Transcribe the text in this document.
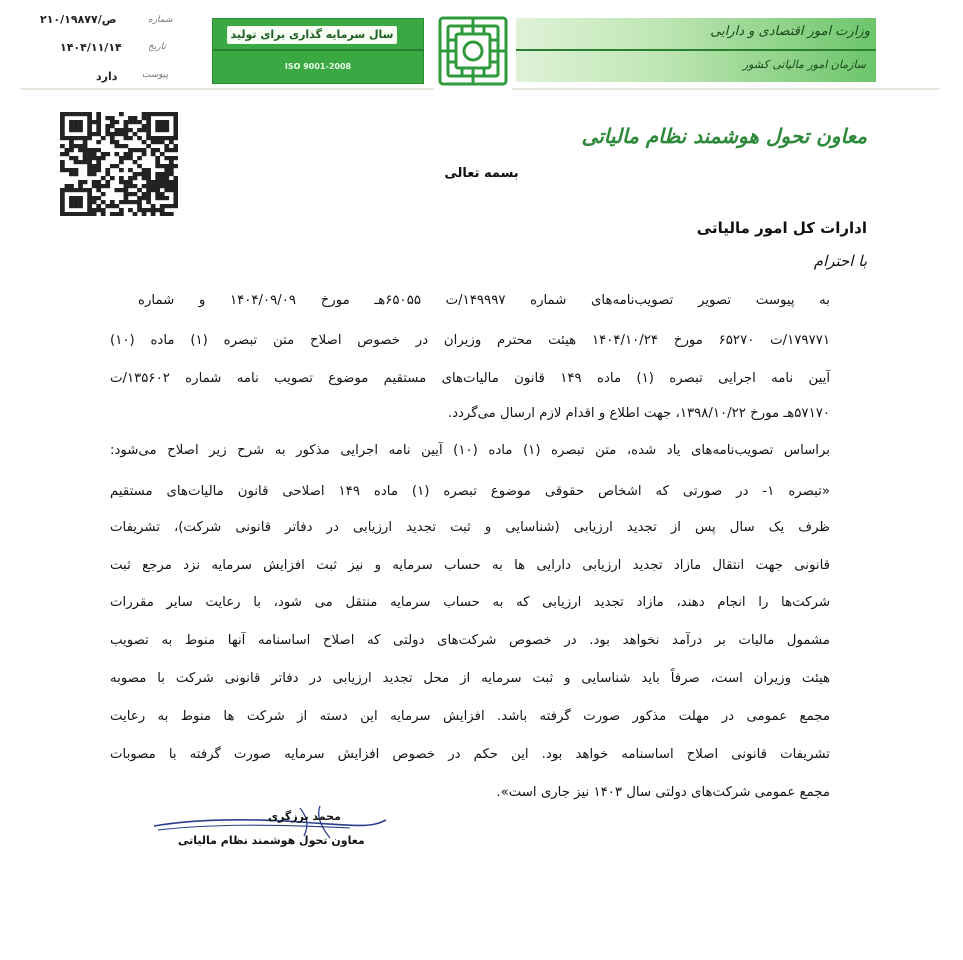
سال سرمایه گذاری برای تولید
ISO 9001-2008
وزارت امور اقتصادی و دارایی
سازمان امور مالیاتی کشور
۲۱۰/۱۹۸۷۷/ص	شماره
۱۴۰۴/۱۱/۱۴	تاریخ
دارد	پیوست
معاون تحول هوشمند نظام مالیاتی
بسمه تعالی
ادارات کل امور مالیاتی
با احترام
به پیوست تصویر تصویب‌نامه‌های شماره ۱۴۹۹۹۷/ت ۶۵۰۵۵هـ مورخ ۱۴۰۴/۰۹/۰۹ و شماره
۱۷۹۷۷۱/ت ۶۵۲۷۰ مورخ ۱۴۰۴/۱۰/۲۴ هیئت محترم وزیران در خصوص اصلاح متن تبصره (۱) ماده (۱۰)
آیین نامه اجرایی تبصره (۱) ماده ۱۴۹ قانون مالیات‌های مستقیم موضوع تصویب نامه شماره ۱۳۵۶۰۲/ت
۵۷۱۷۰هـ مورخ ۱۳۹۸/۱۰/۲۲، جهت اطلاع و اقدام لازم ارسال می‌گردد.
براساس تصویب‌نامه‌های یاد شده، متن تبصره (۱) ماده (۱۰) آیین نامه اجرایی مذکور به شرح زیر اصلاح می‌شود:
«تبصره ۱- در صورتی که اشخاص حقوقی موضوع تبصره (۱) ماده ۱۴۹ اصلاحی قانون مالیات‌های مستقیم
ظرف یک سال پس از تجدید ارزیابی (شناسایی و ثبت تجدید ارزیابی در دفاتر قانونی شرکت)، تشریفات
قانونی جهت انتقال مازاد تجدید ارزیابی دارایی ها به حساب سرمایه و نیز ثبت افزایش سرمایه نزد مرجع ثبت
شرکت‌ها را انجام دهند، مازاد تجدید ارزیابی که به حساب سرمایه منتقل می شود، با رعایت سایر مقررات
مشمول مالیات بر درآمد نخواهد بود. در خصوص شرکت‌های دولتی که اصلاح اساسنامه آنها منوط به تصویب
هیئت وزیران است، صرفاً باید شناسایی و ثبت سرمایه از محل تجدید ارزیابی در دفاتر قانونی شرکت با مصوبه
مجمع عمومی در مهلت مذکور صورت گرفته باشد. افزایش سرمایه این دسته از شرکت ها منوط به رعایت
تشریفات قانونی اصلاح اساسنامه خواهد بود. این حکم در خصوص افزایش سرمایه صورت گرفته با مصوبات
مجمع عمومی شرکت‌های دولتی سال ۱۴۰۳ نیز جاری است».
محمد برزگری
معاون تحول هوشمند نظام مالیاتی
